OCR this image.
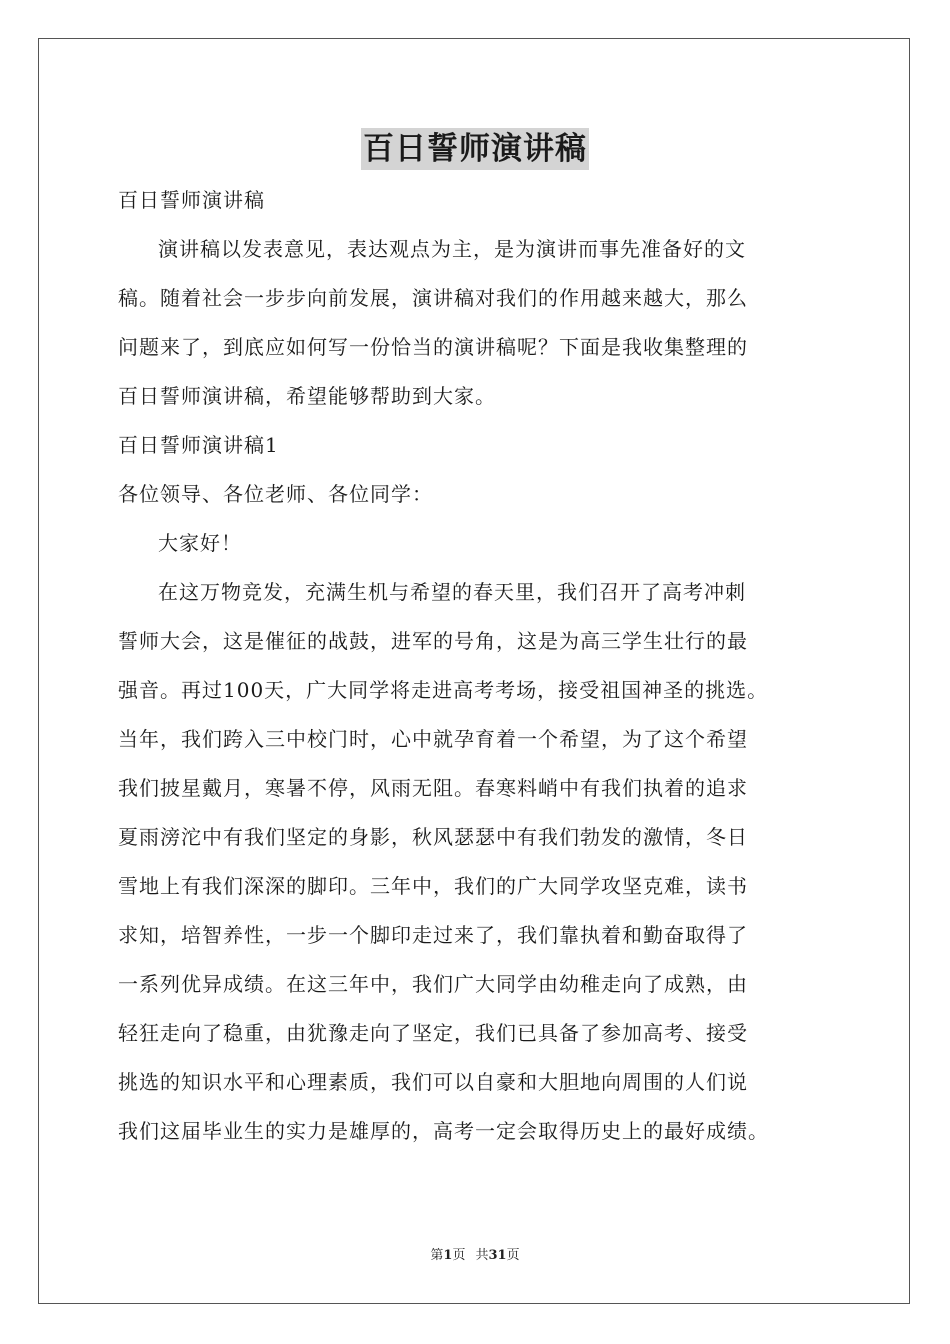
百日誓师演讲稿

百日誓师演讲稿

演讲稿以发表意见，表达观点为主，是为演讲而事先准备好的文
稿。随着社会一步步向前发展，演讲稿对我们的作用越来越大，那么
问题来了，到底应如何写一份恰当的演讲稿呢？下面是我收集整理的
百日誓师演讲稿，希望能够帮助到大家。

百日誓师演讲稿1

各位领导、各位老师、各位同学：

大家好！

在这万物竞发，充满生机与希望的春天里，我们召开了高考冲刺
誓师大会，这是催征的战鼓，进军的号角，这是为高三学生壮行的最
强音。再过100天，广大同学将走进高考考场，接受祖国神圣的挑选。
当年，我们跨入三中校门时，心中就孕育着一个希望，为了这个希望
我们披星戴月，寒暑不停，风雨无阻。春寒料峭中有我们执着的追求
夏雨滂沱中有我们坚定的身影，秋风瑟瑟中有我们勃发的激情，冬日
雪地上有我们深深的脚印。三年中，我们的广大同学攻坚克难，读书
求知，培智养性，一步一个脚印走过来了，我们靠执着和勤奋取得了
一系列优异成绩。在这三年中，我们广大同学由幼稚走向了成熟，由
轻狂走向了稳重，由犹豫走向了坚定，我们已具备了参加高考、接受
挑选的知识水平和心理素质，我们可以自豪和大胆地向周围的人们说
我们这届毕业生的实力是雄厚的，高考一定会取得历史上的最好成绩。

第1页 共31页
